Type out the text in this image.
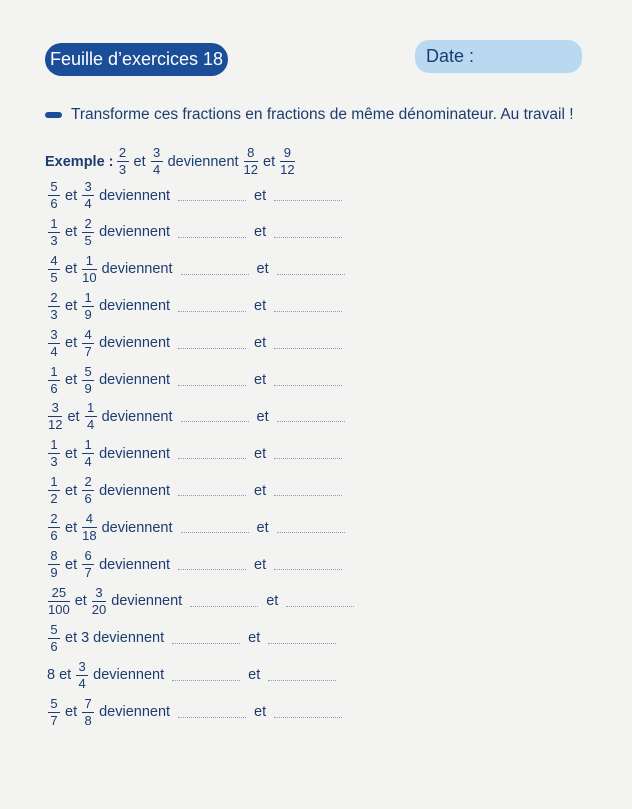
Feuille d’exercices 18	Date :
Transforme ces fractions en fractions de même dénominateur. Au travail !
Exemple : $\frac{2}{3}$ et $\frac{3}{4}$ deviennent $\frac{8}{12}$ et $\frac{9}{12}$
$\frac{5}{6}$ et $\frac{3}{4}$ deviennent	et
$\frac{1}{3}$ et $\frac{2}{5}$ deviennent	et
$\frac{4}{5}$ et $\frac{1}{10}$ deviennent	et
$\frac{2}{3}$ et $\frac{1}{9}$ deviennent	et
$\frac{3}{4}$ et $\frac{4}{7}$ deviennent	et
$\frac{1}{6}$ et $\frac{5}{9}$ deviennent	et
$\frac{3}{12}$ et $\frac{1}{4}$ deviennent	et
$\frac{1}{3}$ et $\frac{1}{4}$ deviennent	et
$\frac{1}{2}$ et $\frac{2}{6}$ deviennent	et
$\frac{2}{6}$ et $\frac{4}{18}$ deviennent	et
$\frac{8}{9}$ et $\frac{6}{7}$ deviennent	et
$\frac{25}{100}$ et $\frac{3}{20}$ deviennent	et
$\frac{5}{6}$ et 3 deviennent	et
8 et $\frac{3}{4}$ deviennent	et
$\frac{5}{7}$ et $\frac{7}{8}$ deviennent	et
